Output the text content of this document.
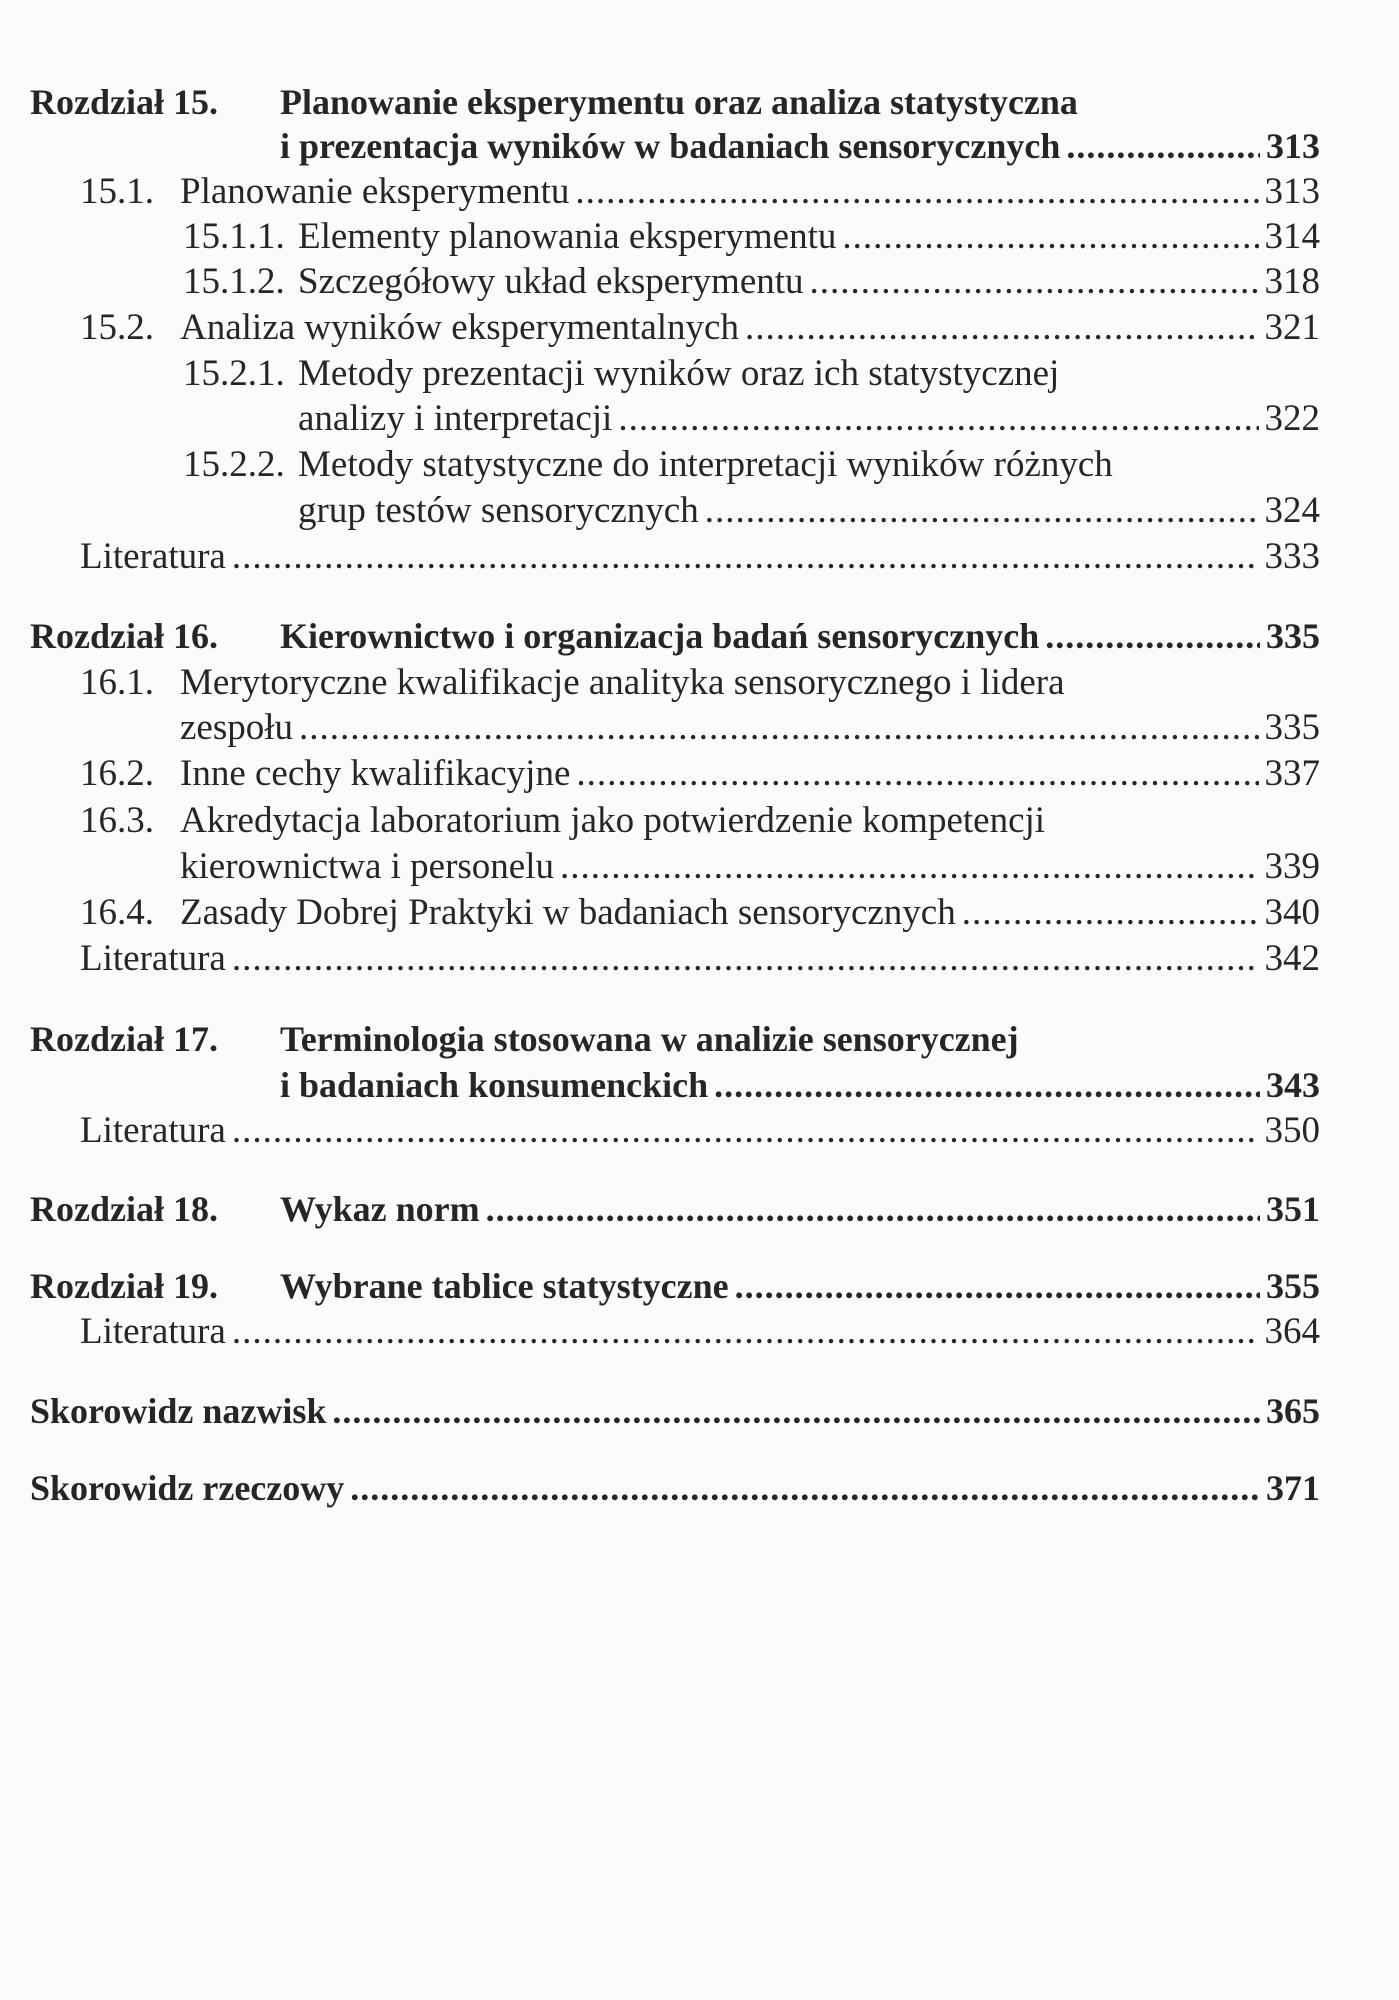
Rozdział 15.	Planowanie eksperymentu oraz analiza statystyczna
i prezentacja wyników w badaniach sensorycznych .....	313
15.1. Planowanie eksperymentu .....	313
15.1.1. Elementy planowania eksperymentu .....	314
15.1.2. Szczegółowy układ eksperymentu .....	318
15.2. Analiza wyników eksperymentalnych .....	321
15.2.1. Metody prezentacji wyników oraz ich statystycznej
analizy i interpretacji .....	322
15.2.2. Metody statystyczne do interpretacji wyników różnych
grup testów sensorycznych .....	324
Literatura .....	333
Rozdział 16.	Kierownictwo i organizacja badań sensorycznych .....	335
16.1. Merytoryczne kwalifikacje analityka sensorycznego i lidera
zespołu .....	335
16.2. Inne cechy kwalifikacyjne .....	337
16.3. Akredytacja laboratorium jako potwierdzenie kompetencji
kierownictwa i personelu .....	339
16.4. Zasady Dobrej Praktyki w badaniach sensorycznych .....	340
Literatura .....	342
Rozdział 17.	Terminologia stosowana w analizie sensorycznej
i badaniach konsumenckich .....	343
Literatura .....	350
Rozdział 18.	Wykaz norm .....	351
Rozdział 19.	Wybrane tablice statystyczne .....	355
Literatura .....	364
Skorowidz nazwisk .....	365
Skorowidz rzeczowy .....	371
